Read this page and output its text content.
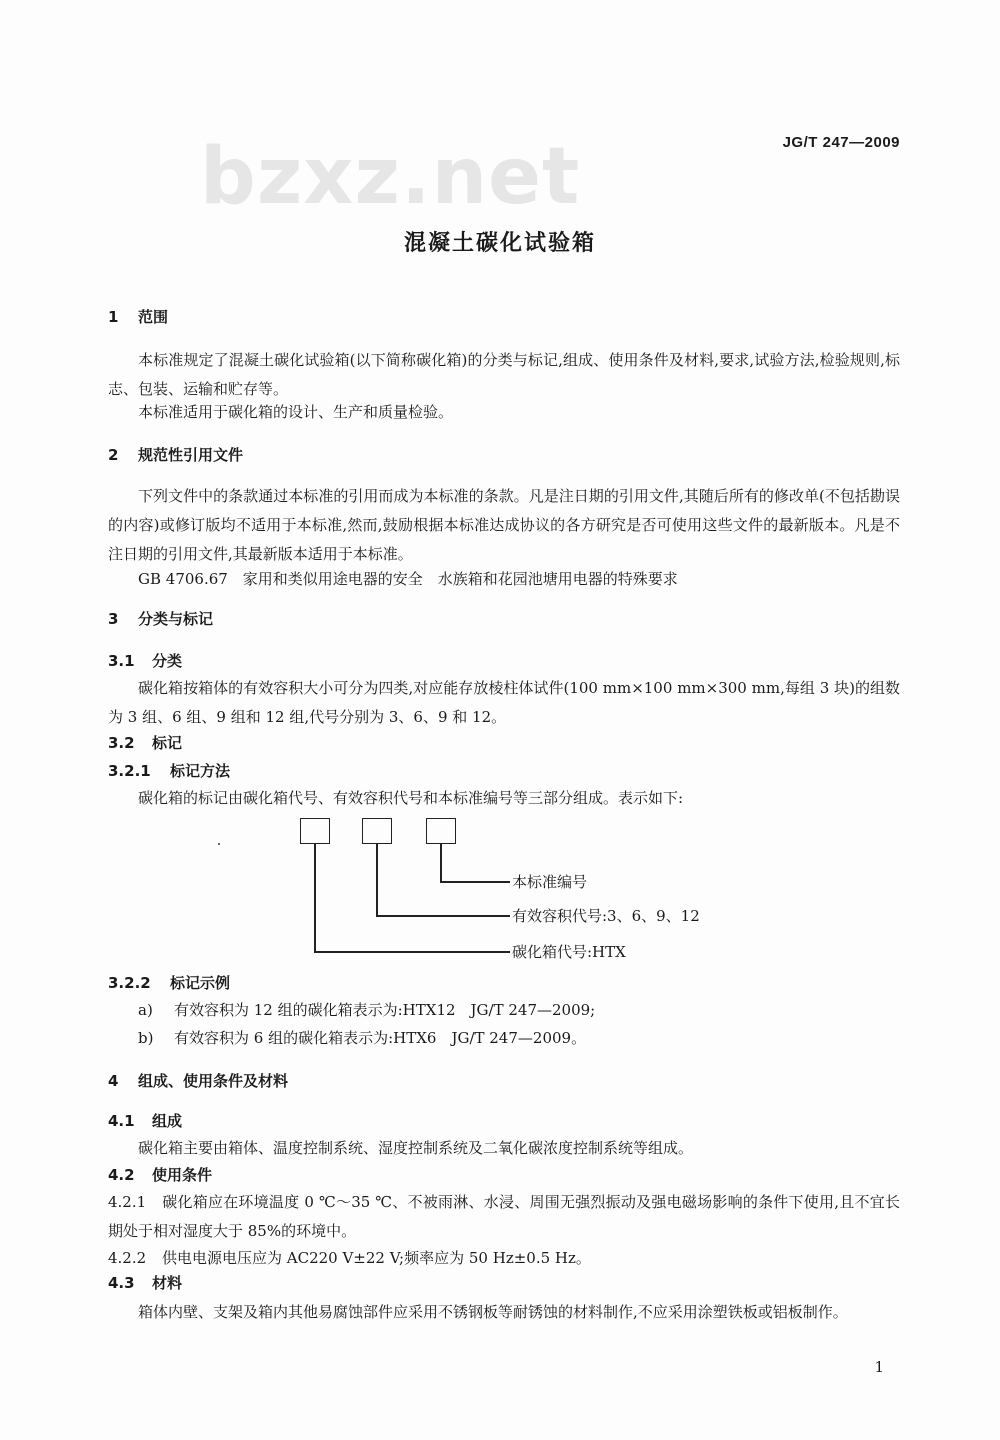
bzxz.net	JG/T 247—2009
混凝土碳化试验箱
1 范围
本标准规定了混凝土碳化试验箱(以下简称碳化箱)的分类与标记,组成、使用条件及材料,要求,试验方法,检验规则,标志、包装、运输和贮存等。
本标准适用于碳化箱的设计、生产和质量检验。
2 规范性引用文件
下列文件中的条款通过本标准的引用而成为本标准的条款。凡是注日期的引用文件,其随后所有的修改单(不包括勘误的内容)或修订版均不适用于本标准,然而,鼓励根据本标准达成协议的各方研究是否可使用这些文件的最新版本。凡是不注日期的引用文件,其最新版本适用于本标准。
GB 4706.67　家用和类似用途电器的安全　水族箱和花园池塘用电器的特殊要求
3 分类与标记
3.1 分类
碳化箱按箱体的有效容积大小可分为四类,对应能存放棱柱体试件(100 mm×100 mm×300 mm,每组 3 块)的组数为 3 组、6 组、9 组和 12 组,代号分别为 3、6、9 和 12。
3.2 标记
3.2.1 标记方法
碳化箱的标记由碳化箱代号、有效容积代号和本标准编号等三部分组成。表示如下:
本标准编号
有效容积代号:3、6、9、12
碳化箱代号:HTX
3.2.2 标记示例
a) 有效容积为 12 组的碳化箱表示为:HTX12　JG/T 247—2009;
b) 有效容积为 6 组的碳化箱表示为:HTX6　JG/T 247—2009。
4 组成、使用条件及材料
4.1 组成
碳化箱主要由箱体、温度控制系统、湿度控制系统及二氧化碳浓度控制系统等组成。
4.2 使用条件
4.2.1 碳化箱应在环境温度 0 ℃～35 ℃、不被雨淋、水浸、周围无强烈振动及强电磁场影响的条件下使用,且不宜长期处于相对湿度大于 85%的环境中。
4.2.2 供电电源电压应为 AC220 V±22 V;频率应为 50 Hz±0.5 Hz。
4.3 材料
箱体内壁、支架及箱内其他易腐蚀部件应采用不锈钢板等耐锈蚀的材料制作,不应采用涂塑铁板或铝板制作。
1
